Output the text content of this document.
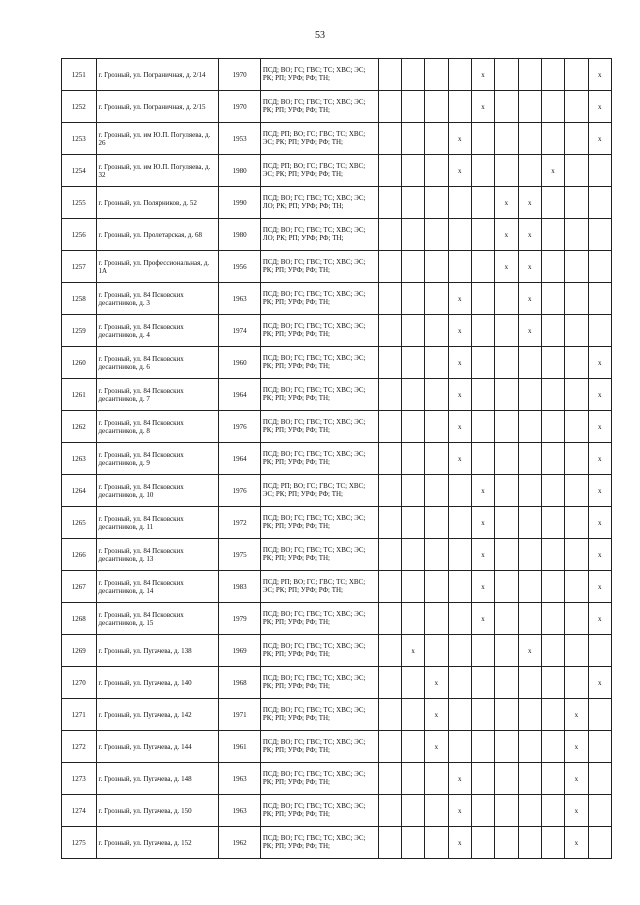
53
1251	г. Грозный, ул. Пограничная, д. 2/14	1970	ПСД; ВО; ГС; ГВС; ТС; ХВС; ЭС; РК; РП; УРФ; РФ; ТН;					x					x
1252	г. Грозный, ул. Пограничная, д. 2/15	1970	ПСД; ВО; ГС; ГВС; ТС; ХВС; ЭС; РК; РП; УРФ; РФ; ТН;					x					x
1253	г. Грозный, ул. им Ю.П. Погуляева, д. 26	1953	ПСД; РП; ВО; ГС; ГВС; ТС; ХВС; ЭС; РК; РП; УРФ; РФ; ТН;				x						x
1254	г. Грозный, ул. им Ю.П. Погуляева, д. 32	1980	ПСД; РП; ВО; ГС; ГВС; ТС; ХВС; ЭС; РК; РП; УРФ; РФ; ТН;				x				x		
1255	г. Грозный, ул. Полярников, д. 52	1990	ПСД; ВО; ГС; ГВС; ТС; ХВС; ЭС; ЛО; РК; РП; УРФ; РФ; ТН;						x	x			
1256	г. Грозный, ул. Пролетарская, д. 68	1980	ПСД; ВО; ГС; ГВС; ТС; ХВС; ЭС; ЛО; РК; РП; УРФ; РФ; ТН;						x	x			
1257	г. Грозный, ул. Профессиональная, д. 1А	1956	ПСД; ВО; ГС; ГВС; ТС; ХВС; ЭС; РК; РП; УРФ; РФ; ТН;						x	x			
1258	г. Грозный, ул. 84 Псковских десантников, д. 3	1963	ПСД; ВО; ГС; ГВС; ТС; ХВС; ЭС; РК; РП; УРФ; РФ; ТН;				x			x			
1259	г. Грозный, ул. 84 Псковских десантников, д. 4	1974	ПСД; ВО; ГС; ГВС; ТС; ХВС; ЭС; РК; РП; УРФ; РФ; ТН;				x			x			
1260	г. Грозный, ул. 84 Псковских десантников, д. 6	1960	ПСД; ВО; ГС; ГВС; ТС; ХВС; ЭС; РК; РП; УРФ; РФ; ТН;				x						x
1261	г. Грозный, ул. 84 Псковских десантников, д. 7	1964	ПСД; ВО; ГС; ГВС; ТС; ХВС; ЭС; РК; РП; УРФ; РФ; ТН;				x						x
1262	г. Грозный, ул. 84 Псковских десантников, д. 8	1976	ПСД; ВО; ГС; ГВС; ТС; ХВС; ЭС; РК; РП; УРФ; РФ; ТН;				x						x
1263	г. Грозный, ул. 84 Псковских десантников, д. 9	1964	ПСД; ВО; ГС; ГВС; ТС; ХВС; ЭС; РК; РП; УРФ; РФ; ТН;				x						x
1264	г. Грозный, ул. 84 Псковских десантников, д. 10	1976	ПСД; РП; ВО; ГС; ГВС; ТС; ХВС; ЭС; РК; РП; УРФ; РФ; ТН;					x					x
1265	г. Грозный, ул. 84 Псковских десантников, д. 11	1972	ПСД; ВО; ГС; ГВС; ТС; ХВС; ЭС; РК; РП; УРФ; РФ; ТН;					x					x
1266	г. Грозный, ул. 84 Псковских десантников, д. 13	1975	ПСД; ВО; ГС; ГВС; ТС; ХВС; ЭС; РК; РП; УРФ; РФ; ТН;					x					x
1267	г. Грозный, ул. 84 Псковских десантников, д. 14	1983	ПСД; РП; ВО; ГС; ГВС; ТС; ХВС; ЭС; РК; РП; УРФ; РФ; ТН;					x					x
1268	г. Грозный, ул. 84 Псковских десантников, д. 15	1979	ПСД; ВО; ГС; ГВС; ТС; ХВС; ЭС; РК; РП; УРФ; РФ; ТН;					x					x
1269	г. Грозный, ул. Пугачева, д. 138	1969	ПСД; ВО; ГС; ГВС; ТС; ХВС; ЭС; РК; РП; УРФ; РФ; ТН;		x					x			
1270	г. Грозный, ул. Пугачева, д. 140	1968	ПСД; ВО; ГС; ГВС; ТС; ХВС; ЭС; РК; РП; УРФ; РФ; ТН;			x							x
1271	г. Грозный, ул. Пугачева, д. 142	1971	ПСД; ВО; ГС; ГВС; ТС; ХВС; ЭС; РК; РП; УРФ; РФ; ТН;			x						x	
1272	г. Грозный, ул. Пугачева, д. 144	1961	ПСД; ВО; ГС; ГВС; ТС; ХВС; ЭС; РК; РП; УРФ; РФ; ТН;			x						x	
1273	г. Грозный, ул. Пугачева, д. 148	1963	ПСД; ВО; ГС; ГВС; ТС; ХВС; ЭС; РК; РП; УРФ; РФ; ТН;				x					x	
1274	г. Грозный, ул. Пугачева, д. 150	1963	ПСД; ВО; ГС; ГВС; ТС; ХВС; ЭС; РК; РП; УРФ; РФ; ТН;				x					x	
1275	г. Грозный, ул. Пугачева, д. 152	1962	ПСД; ВО; ГС; ГВС; ТС; ХВС; ЭС; РК; РП; УРФ; РФ; ТН;				x					x	
